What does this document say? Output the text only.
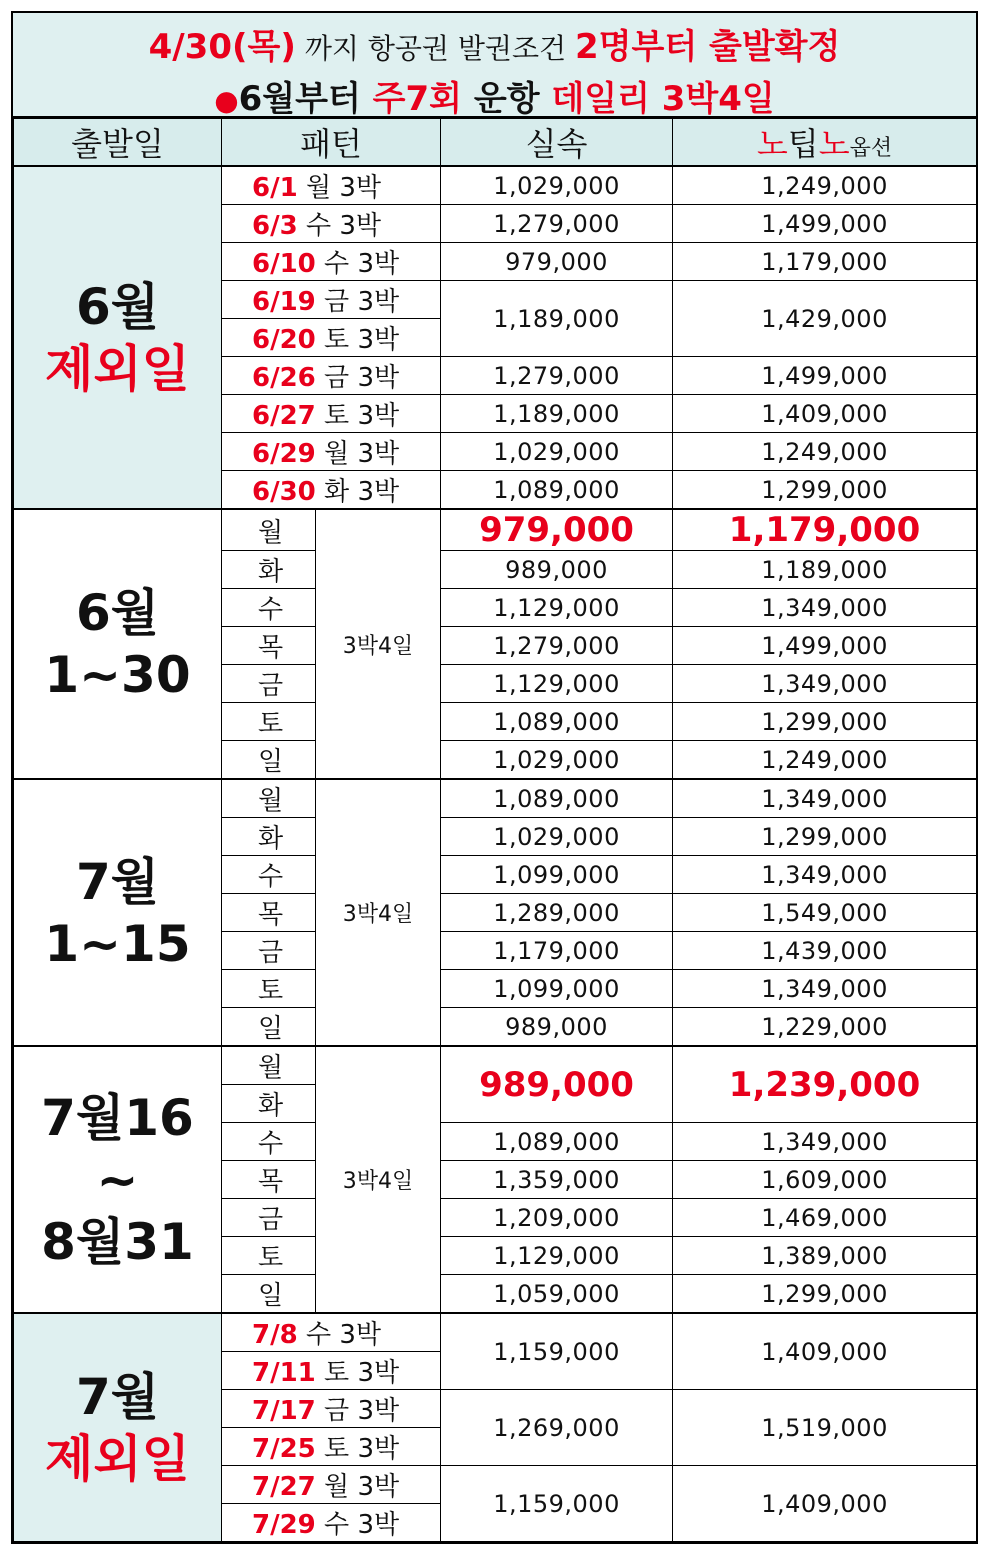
4/30(목) 까지 항공권 발권조건 2명부터 출발확정
●6월부터 주7회 운항 데일리 3박4일
출발일	패턴		실속	노팁노옵션

6월
제외일	6/1 월 3박		1,029,000	1,249,000
	6/3 수 3박		1,279,000	1,499,000
	6/10 수 3박		979,000	1,179,000
	6/19 금 3박		1,189,000	1,429,000
	6/20 토 3박			
	6/26 금 3박		1,279,000	1,499,000
	6/27 토 3박		1,189,000	1,409,000
	6/29 월 3박		1,029,000	1,249,000
	6/30 화 3박		1,089,000	1,299,000

6월
1~30	월	3박4일	979,000	1,179,000
	화		989,000	1,189,000
	수		1,129,000	1,349,000
	목		1,279,000	1,499,000
	금		1,129,000	1,349,000
	토		1,089,000	1,299,000
	일		1,029,000	1,249,000

7월
1~15	월	3박4일	1,089,000	1,349,000
	화		1,029,000	1,299,000
	수		1,099,000	1,349,000
	목		1,289,000	1,549,000
	금		1,179,000	1,439,000
	토		1,099,000	1,349,000
	일		989,000	1,229,000

7월16
~
8월31	월	3박4일	989,000	1,239,000
	화			
	수		1,089,000	1,349,000
	목		1,359,000	1,609,000
	금		1,209,000	1,469,000
	토		1,129,000	1,389,000
	일		1,059,000	1,299,000

7월
제외일	7/8 수 3박		1,159,000	1,409,000
	7/11 토 3박			
	7/17 금 3박		1,269,000	1,519,000
	7/25 토 3박			
	7/27 월 3박		1,159,000	1,409,000
	7/29 수 3박			
